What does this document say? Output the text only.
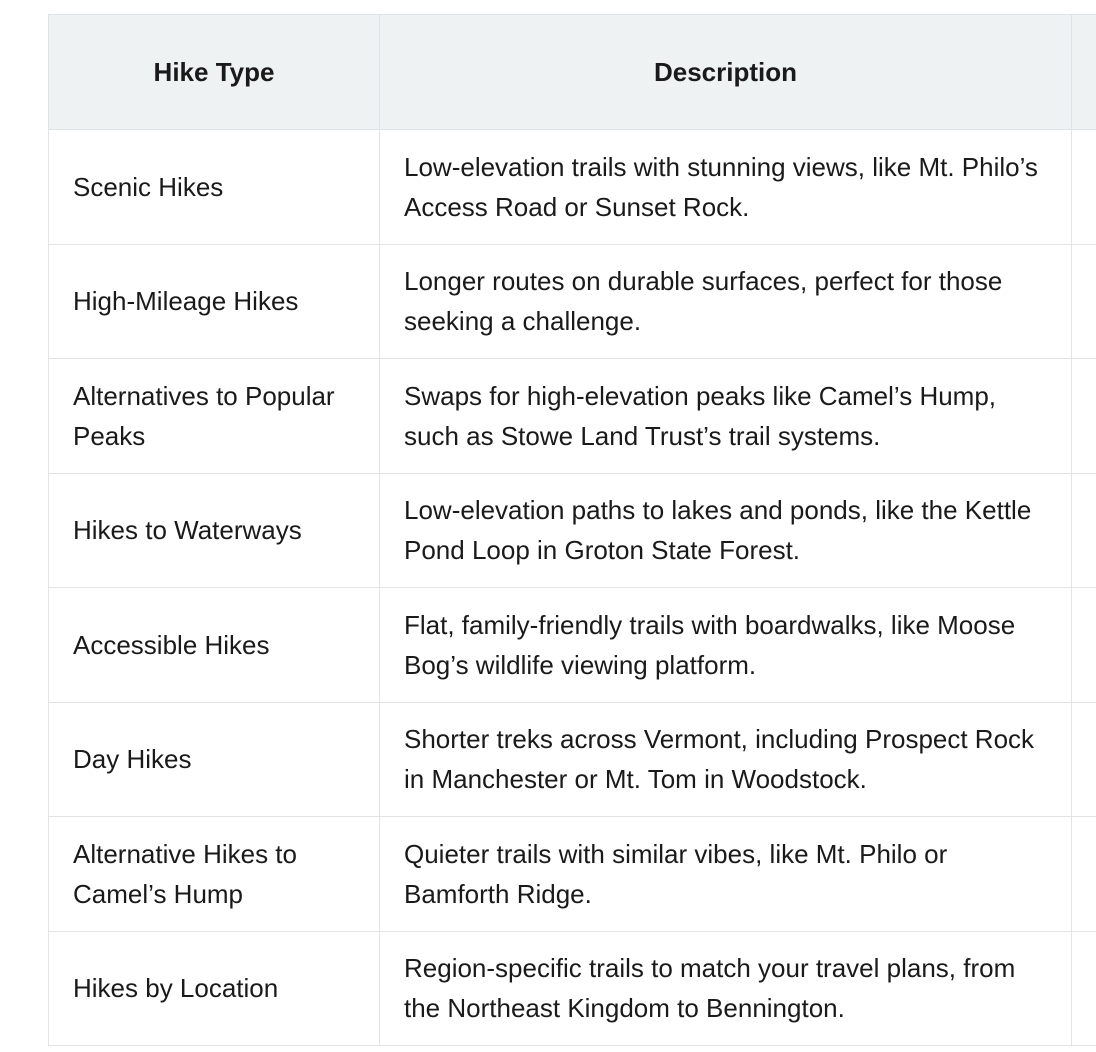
Hike Type	Description	
Scenic Hikes	Low-elevation trails with stunning views, like Mt. Philo’s Access Road or Sunset Rock.	
High-Mileage Hikes	Longer routes on durable surfaces, perfect for those seeking a challenge.	
Alternatives to Popular Peaks	Swaps for high-elevation peaks like Camel’s Hump, such as Stowe Land Trust’s trail systems.	
Hikes to Waterways	Low-elevation paths to lakes and ponds, like the Kettle Pond Loop in Groton State Forest.	
Accessible Hikes	Flat, family-friendly trails with boardwalks, like Moose Bog’s wildlife viewing platform.	
Day Hikes	Shorter treks across Vermont, including Prospect Rock in Manchester or Mt. Tom in Woodstock.	
Alternative Hikes to Camel’s Hump	Quieter trails with similar vibes, like Mt. Philo or Bamforth Ridge.	
Hikes by Location	Region-specific trails to match your travel plans, from the Northeast Kingdom to Bennington.	
